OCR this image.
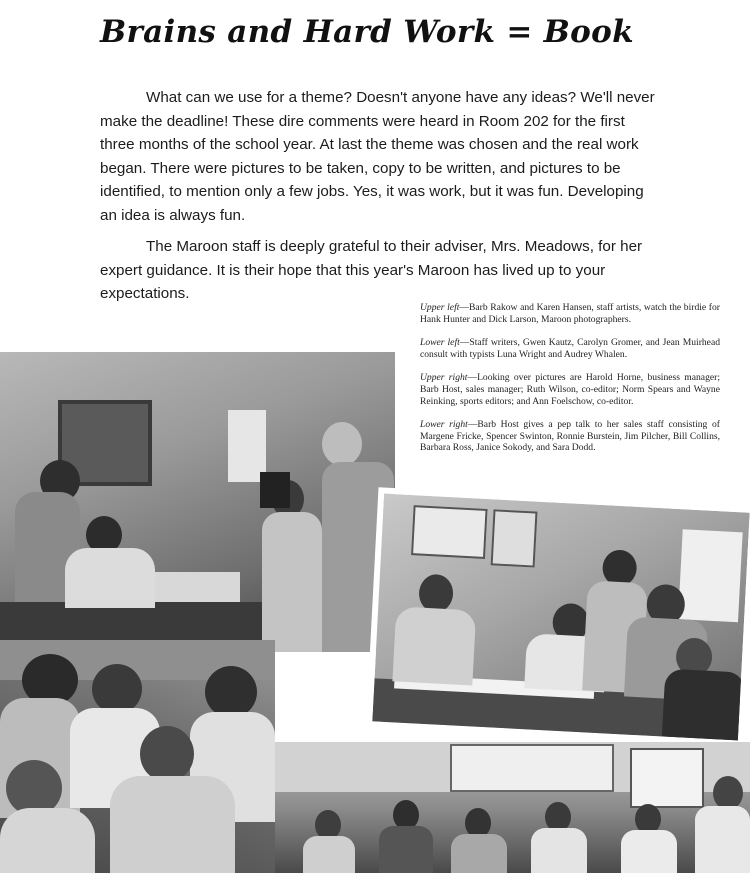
Brains and Hard Work = Book

What can we use for a theme? Doesn't anyone have any ideas? We'll never make the deadline! These dire comments were heard in Room 202 for the first three months of the school year. At last the theme was chosen and the real work began. There were pictures to be taken, copy to be written, and pictures to be identified, to mention only a few jobs. Yes, it was work, but it was fun. Developing an idea is always fun.

The Maroon staff is deeply grateful to their adviser, Mrs. Meadows, for her expert guidance. It is their hope that this year's Maroon has lived up to your expectations.

Upper left—Barb Rakow and Karen Hansen, staff artists, watch the birdie for Hank Hunter and Dick Larson, Maroon photographers.

Lower left—Staff writers, Gwen Kautz, Carolyn Gromer, and Jean Muirhead consult with typists Luna Wright and Audrey Whalen.

Upper right—Looking over pictures are Harold Horne, business manager; Barb Host, sales manager; Ruth Wilson, co-editor; Norm Spears and Wayne Reinking, sports editors; and Ann Foelschow, co-editor.

Lower right—Barb Host gives a pep talk to her sales staff consisting of Margene Fricke, Spencer Swinton, Ronnie Burstein, Jim Pilcher, Bill Collins, Barbara Ross, Janice Sokody, and Sara Dodd.
